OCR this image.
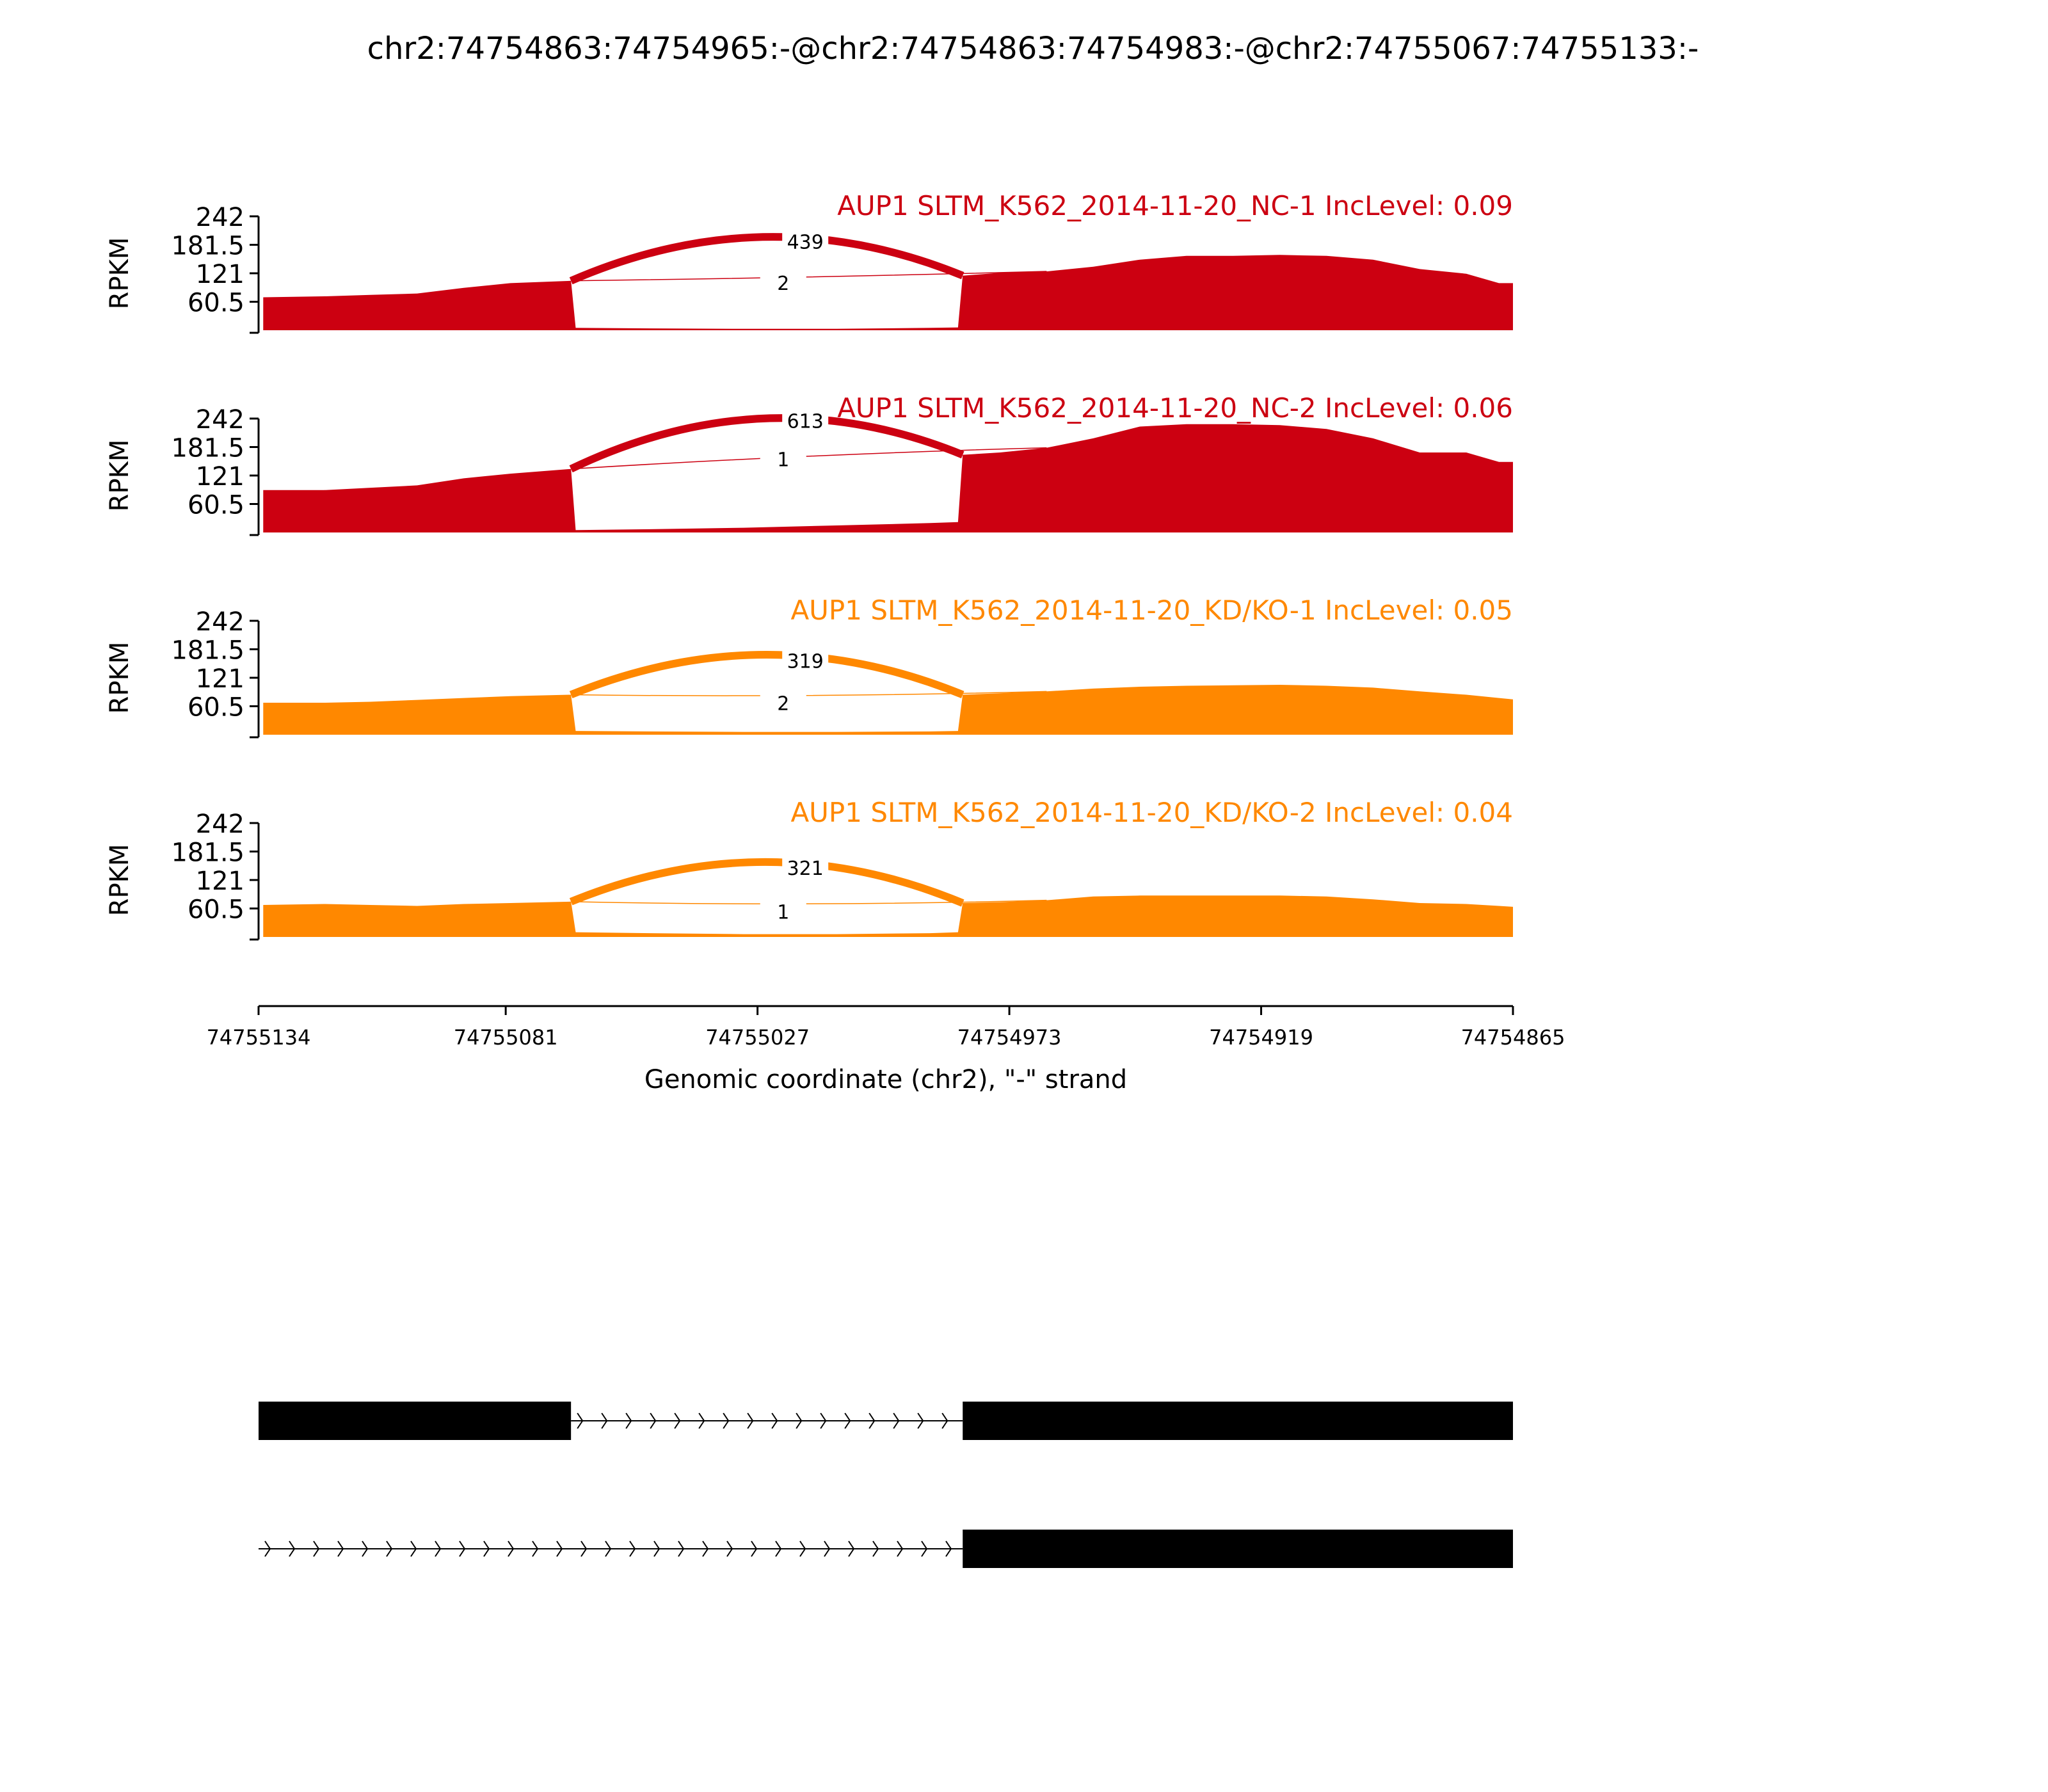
chr2:74754863:74754965:-@chr2:74754863:74754983:-@chr2:74755067:74755133:-
242
181.5
121
60.5
RPKM	439
2
AUP1 SLTM_K562_2014-11-20_NC-1 IncLevel: 0.09
242
181.5
121
60.5
RPKM
613
1
AUP1 SLTM_K562_2014-11-20_NC-2 IncLevel: 0.06
242
181.5
121
60.5
RPKM	319
2
AUP1 SLTM_K562_2014-11-20_KD/KO-1 IncLevel: 0.05
242
181.5
121
60.5
RPKM	321
1
AUP1 SLTM_K562_2014-11-20_KD/KO-2 IncLevel: 0.04
74755134	74755081	74755027	74754973	74754919	74754865
Genomic coordinate (chr2), "-" strand
